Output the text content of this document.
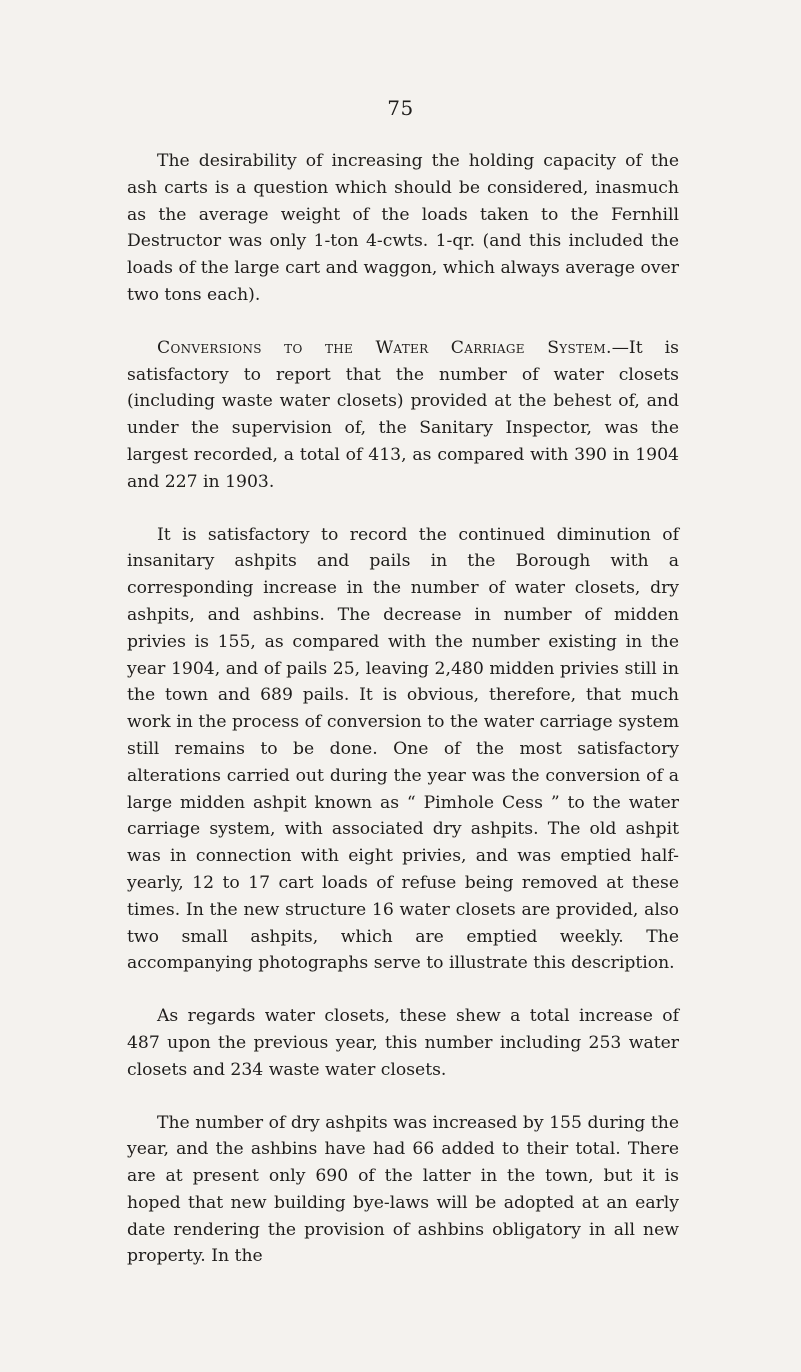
75

The desirability of increasing the holding capacity of the ash carts is a question which should be considered, inasmuch as the average weight of the loads taken to the Fernhill Destructor was only 1-ton 4-cwts. 1-qr. (and this included the loads of the large cart and waggon, which always average over two tons each).

Conversions to the Water Carriage System.—It is satisfactory to report that the number of water closets (including waste water closets) provided at the behest of, and under the supervision of, the Sanitary Inspector, was the largest recorded, a total of 413, as compared with 390 in 1904 and 227 in 1903.

It is satisfactory to record the continued diminution of insanitary ashpits and pails in the Borough with a corresponding increase in the number of water closets, dry ashpits, and ashbins. The decrease in number of midden privies is 155, as compared with the number existing in the year 1904, and of pails 25, leaving 2,480 midden privies still in the town and 689 pails. It is obvious, therefore, that much work in the process of conversion to the water carriage system still remains to be done. One of the most satisfactory alterations carried out during the year was the conversion of a large midden ashpit known as “ Pimhole Cess ” to the water carriage system, with associated dry ashpits. The old ashpit was in connection with eight privies, and was emptied half-yearly, 12 to 17 cart loads of refuse being removed at these times. In the new structure 16 water closets are provided, also two small ashpits, which are emptied weekly. The accompanying photographs serve to illustrate this description.

As regards water closets, these shew a total increase of 487 upon the previous year, this number including 253 water closets and 234 waste water closets.

The number of dry ashpits was increased by 155 during the year, and the ashbins have had 66 added to their total. There are at present only 690 of the latter in the town, but it is hoped that new building bye-laws will be adopted at an early date rendering the provision of ashbins obligatory in all new property. In the
